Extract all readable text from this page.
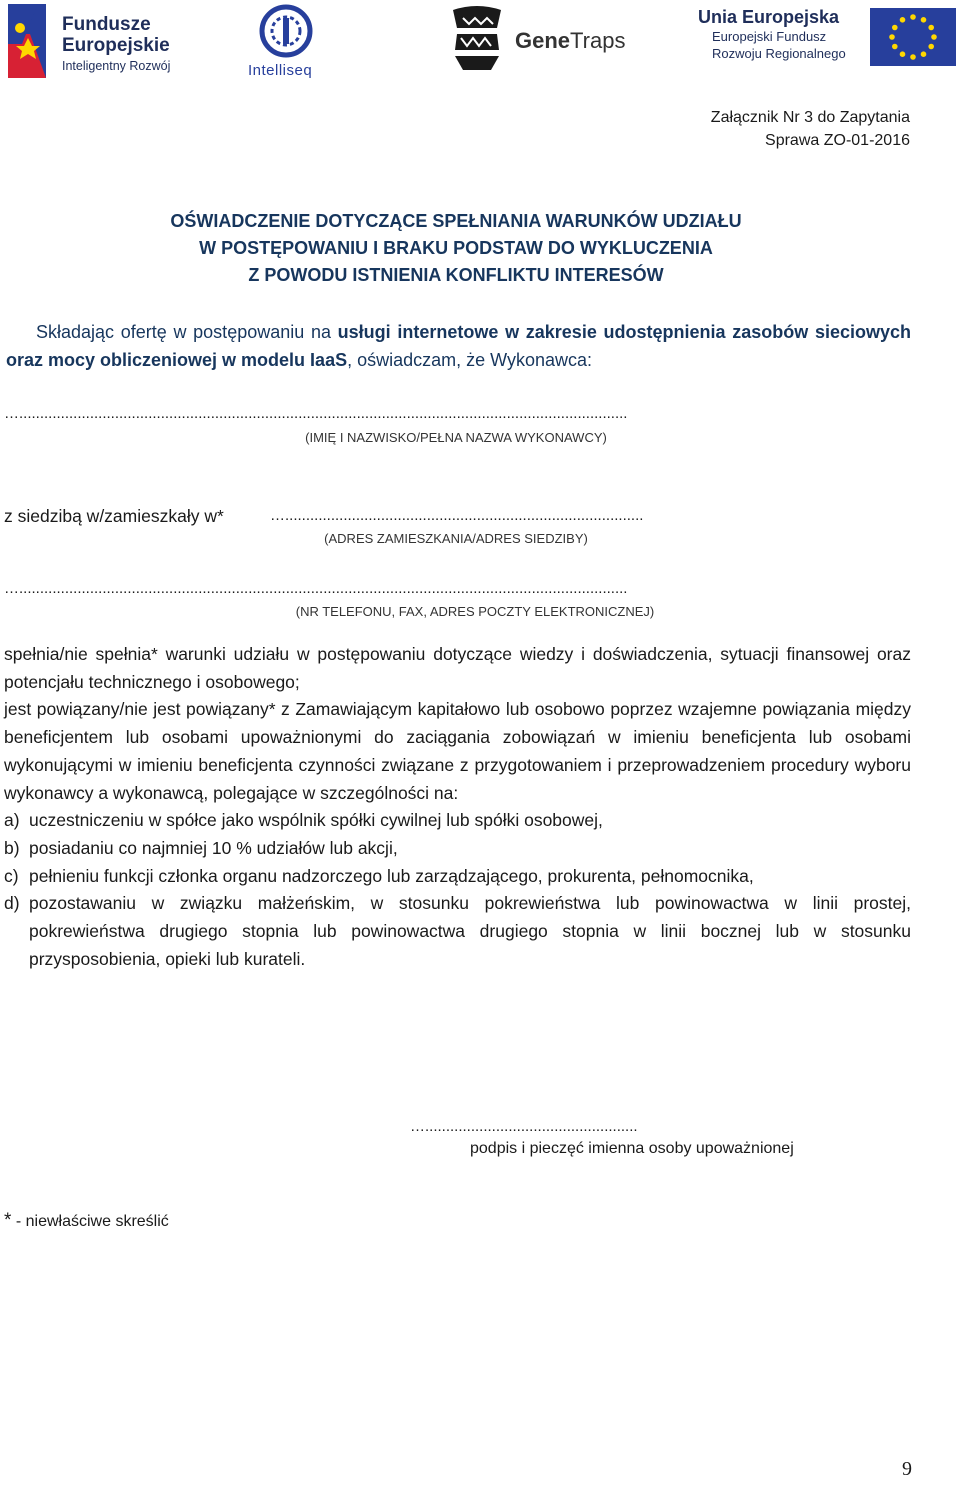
Fundusze
Europejskie
Inteligentny Rozwój	Intelliseq
GeneTraps
Unia Europejska
Europejski Fundusz
Rozwoju Regionalnego
Załącznik Nr 3 do Zapytania
Sprawa ZO-01-2016
OŚWIADCZENIE DOTYCZĄCE SPEŁNIANIA WARUNKÓW UDZIAŁU
W POSTĘPOWANIU I BRAKU PODSTAW DO WYKLUCZENIA
Z POWODU ISTNIENIA KONFLIKTU INTERESÓW
Składając ofertę w postępowaniu na usługi internetowe w zakresie udostępnienia zasobów sieciowych oraz mocy obliczeniowej w modelu IaaS, oświadczam, że Wykonawca:
…..................................................................................................................................................
(IMIĘ I NAZWISKO/PEŁNA NAZWA WYKONAWCY)
z siedzibą w/zamieszkały w*	…......................................................................................
(ADRES ZAMIESZKANIA/ADRES SIEDZIBY)
…..................................................................................................................................................
(NR TELEFONU, FAX, ADRES POCZTY ELEKTRONICZNEJ)
spełnia/nie spełnia* warunki udziału w postępowaniu dotyczące wiedzy i doświadczenia, sytuacji finansowej oraz potencjału technicznego i osobowego;
jest powiązany/nie jest powiązany* z Zamawiającym kapitałowo lub osobowo poprzez wzajemne powiązania między beneficjentem lub osobami upoważnionymi do zaciągania zobowiązań w imieniu beneficjenta lub osobami wykonującymi w imieniu beneficjenta czynności związane z przygotowaniem i przeprowadzeniem procedury wyboru wykonawcy a wykonawcą, polegające w szczególności na:
a) uczestniczeniu w spółce jako wspólnik spółki cywilnej lub spółki osobowej,
b) posiadaniu co najmniej 10 % udziałów lub akcji,
c) pełnieniu funkcji członka organu nadzorczego lub zarządzającego, prokurenta, pełnomocnika,
d) pozostawaniu w związku małżeńskim, w stosunku pokrewieństwa lub powinowactwa w linii prostej, pokrewieństwa drugiego stopnia lub powinowactwa drugiego stopnia w linii bocznej lub w stosunku przysposobienia, opieki lub kurateli.
…...................................................
podpis i pieczęć imienna osoby upoważnionej
* - niewłaściwe skreślić
9
